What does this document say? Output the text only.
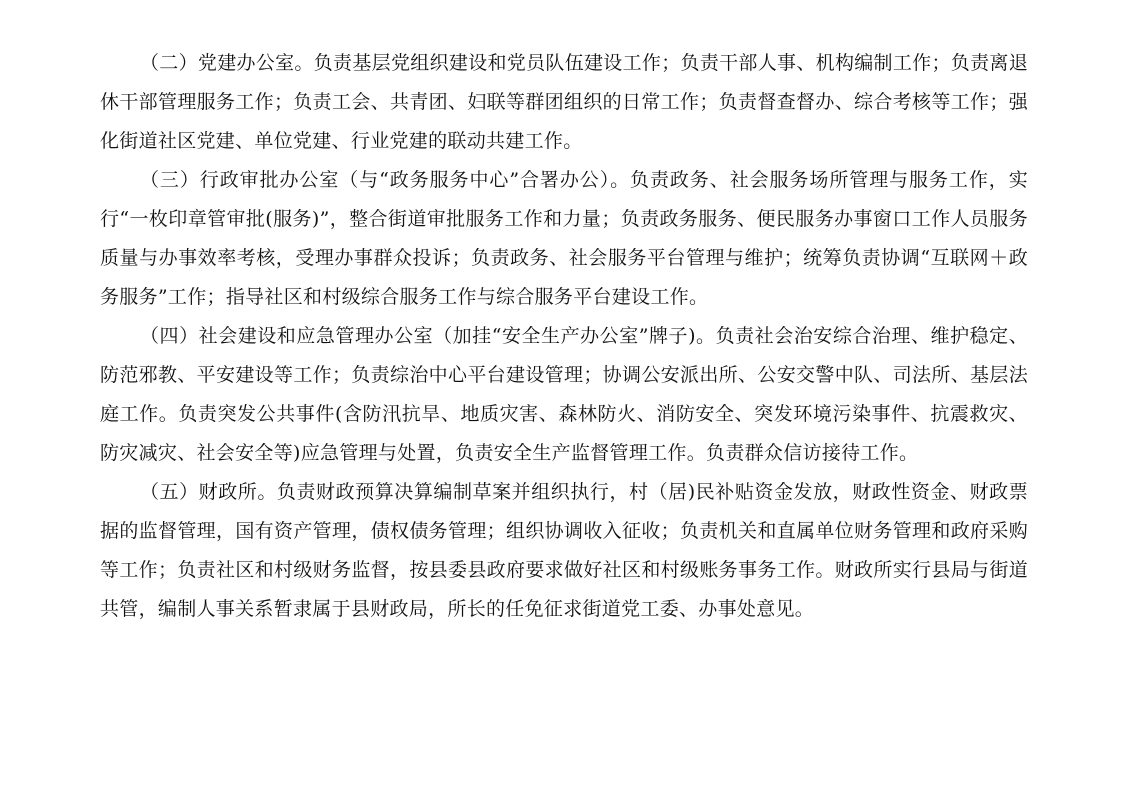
（二）党建办公室。负责基层党组织建设和党员队伍建设工作；负责干部人事、机构编制工作；负责离退休干部管理服务工作；负责工会、共青团、妇联等群团组织的日常工作；负责督查督办、综合考核等工作；强化街道社区党建、单位党建、行业党建的联动共建工作。

（三）行政审批办公室（与“政务服务中心”合署办公）。负责政务、社会服务场所管理与服务工作，实行“一枚印章管审批(服务)”，整合街道审批服务工作和力量；负责政务服务、便民服务办事窗口工作人员服务质量与办事效率考核，受理办事群众投诉；负责政务、社会服务平台管理与维护；统筹负责协调“互联网＋政务服务”工作；指导社区和村级综合服务工作与综合服务平台建设工作。

（四）社会建设和应急管理办公室（加挂“安全生产办公室”牌子)。负责社会治安综合治理、维护稳定、防范邪教、平安建设等工作；负责综治中心平台建设管理；协调公安派出所、公安交警中队、司法所、基层法庭工作。负责突发公共事件(含防汛抗旱、地质灾害、森林防火、消防安全、突发环境污染事件、抗震救灾、防灾减灾、社会安全等)应急管理与处置，负责安全生产监督管理工作。负责群众信访接待工作。

（五）财政所。负责财政预算决算编制草案并组织执行，村（居)民补贴资金发放，财政性资金、财政票据的监督管理，国有资产管理，债权债务管理；组织协调收入征收；负责机关和直属单位财务管理和政府采购等工作；负责社区和村级财务监督，按县委县政府要求做好社区和村级账务事务工作。财政所实行县局与街道共管，编制人事关系暂隶属于县财政局，所长的任免征求街道党工委、办事处意见。
